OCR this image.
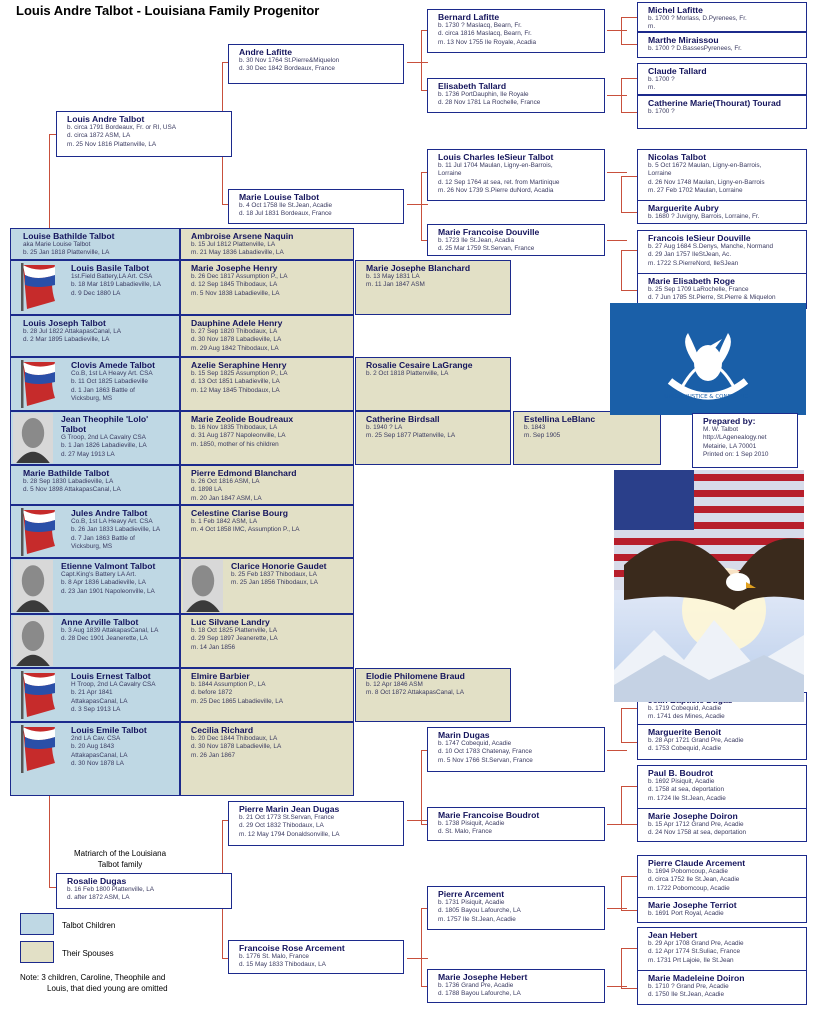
Louis Andre Talbot - Louisiana Family Progenitor	Michel Lafitte
b. 1700 ? Morlass, D.Pyrenees, Fr.
m.
Marthe Miraissou
b. 1700 ? D.BassesPyrenees, Fr.
Bernard Lafitte
b. 1730 ? Maslacq, Bearn, Fr.
d. circa 1816 Maslacq, Bearn, Fr.
m. 13 Nov 1755 Ile Royale, Acadia
Claude Tallard
b. 1700 ?
m.
Catherine Marie(Thourat) Tourad
b. 1700 ?
Elisabeth Tallard
b. 1736 PortDauphin, Ile Royale
d. 28 Nov 1781 La Rochelle, France
Andre Lafitte
b. 30 Nov 1764 St.Pierre&Miquelon
d. 30 Dec 1842 Bordeaux, France
Louis Andre Talbot
b. circa 1791 Bordeaux, Fr. or RI, USA
d. circa 1872 ASM, LA
m. 25 Nov 1816 Plattenville, LA
Nicolas Talbot
b. 5 Oct 1672 Maulan, Ligny-en-Barrois,
Lorraine
d. 26 Nov 1748 Maulan, Ligny-en-Barrois
m. 27 Feb 1702 Maulan, Lorraine
Marguerite Aubry
b. 1680 ? Juvigny, Barrois, Lorraine, Fr.
Louis Charles leSieur Talbot
b. 11 Jul 1704 Maulan, Ligny-en-Barrois,
Lorraine
d. 12 Sep 1764 at sea, ret. from Martinique
m. 26 Nov 1739 S.Pierre duNord, Acadia
Francois leSieur Douville
b. 27 Aug 1684 S.Denys, Manche, Normand
d. 29 Jan 1757 IleStJean, Ac.
m. 1722 S.PierreNord, IleSJean
Marie Elisabeth Roge
b. 25 Sep 1709 LaRochelle, France
d. 7 Jun 1785 St.Pierre, St.Pierre & Miquelon
Marie Francoise Douville
b. 1723 Ile St.Jean, Acadia
d. 25 Mar 1759 St.Servan, France
Marie Louise Talbot
b. 4 Oct 1758 Ile St.Jean, Acadie
d. 18 Jul 1831 Bordeaux, France
Pierre Marin Jean Dugas
b. 21 Oct 1773 St.Servan, France
d. 29 Oct 1832 Thibodaux, LA
m. 12 May 1794 Donaldsonville, LA
Rosalie Dugas
b. 16 Feb 1800 Plattenville, LA
d. after 1872 ASM, LA
Francoise Rose Arcement
b. 1776 St. Malo, France
d. 15 May 1833 Thibodaux, LA
Marin Dugas
b. 1747 Cobequid, Acadie
d. 10 Oct 1783 Chatenay, France
m. 5 Nov 1766 St.Servan, France
Marie Francoise Boudrot
b. 1738 Pisiquit, Acadie
d. St. Malo, France
Pierre Arcement
b. 1731 Pisiquit, Acadie
d. 1805 Bayou Lafourche, LA
m. 1757 Ile St.Jean, Acadie
Marie Josephe Hebert
b. 1736 Grand Pre, Acadie
d. 1788 Bayou Lafourche, LA
b. 1719 Cobequid, Acadie
m. 1741 des Mines, Acadie
Marguerite Benoit
b. 28 Apr 1721 Grand Pre, Acadie
d. 1753 Cobequid, Acadie
Paul B. Boudrot
b. 1692 Pisiquit, Acadie
d. 1758 at sea, deportation
m. 1724 Ile St.Jean, Acadie
Marie Josephe Doiron
b. 15 Apr 1712 Grand Pre, Acadie
d. 24 Nov 1758 at sea, deportation
Pierre Claude Arcement
b. 1694 Pobomcoup, Acadie
d. circa 1752 Ile St.Jean, Acadie
m. 1722 Pobomcoup, Acadie
Marie Josephe Terriot
b. 1691 Port Royal, Acadie
Jean Hebert
b. 29 Apr 1708 Grand Pre, Acadie
d. 12 Apr 1774 St.Suliac, France
m. 1731 Prt Lajoie, Ile St.Jean
Marie Madeleine Doiron
b. 1710 ? Grand Pre, Acadie
d. 1750 Ile St.Jean, Acadie
Louise Bathilde Talbot
aka Marie Louise Talbot
b. 25 Jan 1818 Plattenville, LA
Ambroise Arsene Naquin
b. 15 Jul 1812 Plattenville, LA
m. 21 May 1836 Labadieville, LA
Louis Basile Talbot
1st.Field Battery,LA Art. CSA
b. 18 Mar 1819 Labadieville, LA
d. 9 Dec 1880 LA
Marie Josephe Henry
b. 26 Dec 1817 Assumption P., LA
d. 12 Sep 1845 Thibodaux, LA
m. 5 Nov 1838 Labadieville, LA
Marie Josephe Blanchard
b. 13 May 1831 LA
m. 11 Jan 1847 ASM
Louis Joseph Talbot
b. 28 Jul 1822 AttakapasCanal, LA
d. 2 Mar 1895 Labadieville, LA
Dauphine Adele Henry
b. 27 Sep 1820 Thibodaux, LA
d. 30 Nov 1878 Labadieville, LA
m. 29 Aug 1842 Thibodaux, LA
Clovis Amede Talbot
Co.B, 1st LA Heavy Art. CSA
b. 11 Oct 1825 Labadieville
d. 1 Jan 1863 Battle of
Vicksburg, MS
Azelie Seraphine Henry
b. 15 Sep 1825 Assumption P., LA
d. 13 Oct 1851 Labadieville, LA
m. 12 May 1845 Thibodaux, LA
Rosalie Cesaire LaGrange
b. 2 Oct 1818 Plattenville, LA
Jean Theophile 'Lolo' Talbot
G Troop, 2nd LA Cavalry CSA
b. 1 Jan 1826 Labadieville, LA
d. 27 May 1913 LA
Marie Zeolide Boudreaux
b. 16 Nov 1835 Thibodaux, LA
d. 31 Aug 1877 Napoleonville, LA
m. 1850, mother of his children
Catherine Birdsall
b. 1940 ? LA
m. 25 Sep 1877 Plattenville, LA
Estellina LeBlanc
b. 1843
m. Sep 1905
Marie Bathilde Talbot
b. 28 Sep 1830 Labadieville, LA
d. 5 Nov 1898 AttakapasCanal, LA
Pierre Edmond Blanchard
b. 26 Oct 1816 ASM, LA
d. 1898 LA
m. 20 Jan 1847 ASM, LA
Jules Andre Talbot
Co.B, 1st LA Heavy Art. CSA
b. 26 Jan 1833 Labadieville, LA
d. 7 Jan 1863 Battle of
Vicksburg, MS
Celestine Clarise Bourg
b. 1 Feb 1842 ASM, LA
m. 4 Oct 1858 IMC, Assumption P., LA
Etienne Valmont Talbot
Capt.King's Battery LA Art.
b. 8 Apr 1836 Labadieville, LA
d. 23 Jan 1901 Napoleonville, LA
Clarice Honorie Gaudet
b. 25 Feb 1837 Thibodaux, LA
m. 25 Jan 1856 Thibodaux, LA
Anne Arville Talbot
b. 3 Aug 1839 AttakapasCanal, LA
d. 28 Dec 1901 Jeanerette, LA
Luc Silvane Landry
b. 18 Oct 1825 Plattenville, LA
d. 29 Sep 1897 Jeanerette, LA
m. 14 Jan 1856
Louis Ernest Talbot
H Troop, 2nd LA Cavalry CSA
b. 21 Apr 1841
AttakapasCanal, LA
d. 3 Sep 1913 LA
Elmire Barbier
b. 1844 Assumption P., LA
d. before 1872
m. 25 Dec 1865 Labadieville, LA
Elodie Philomene Braud
b. 12 Apr 1846 ASM
m. 8 Oct 1872 AttakapasCanal, LA
Louis Emile Talbot
2nd LA Cav. CSA
b. 20 Aug 1843
AttakapasCanal, LA
d. 30 Nov 1878 LA
Cecilia Richard
b. 20 Dec 1844 Thibodaux, LA
d. 30 Nov 1878 Labadieville, LA
m. 26 Jan 1867
UNION, JUSTICE & CONFIDENCE
Prepared by:
M. W. Talbot
http://LAgenealogy.net
Metairie, LA 70001
Printed on: 1 Sep 2010
Talbot Children
Their Spouses
Note: 3 children, Caroline, Theophile and
Louis, that died young are omitted
Matriarch of the Louisiana
Talbot family
